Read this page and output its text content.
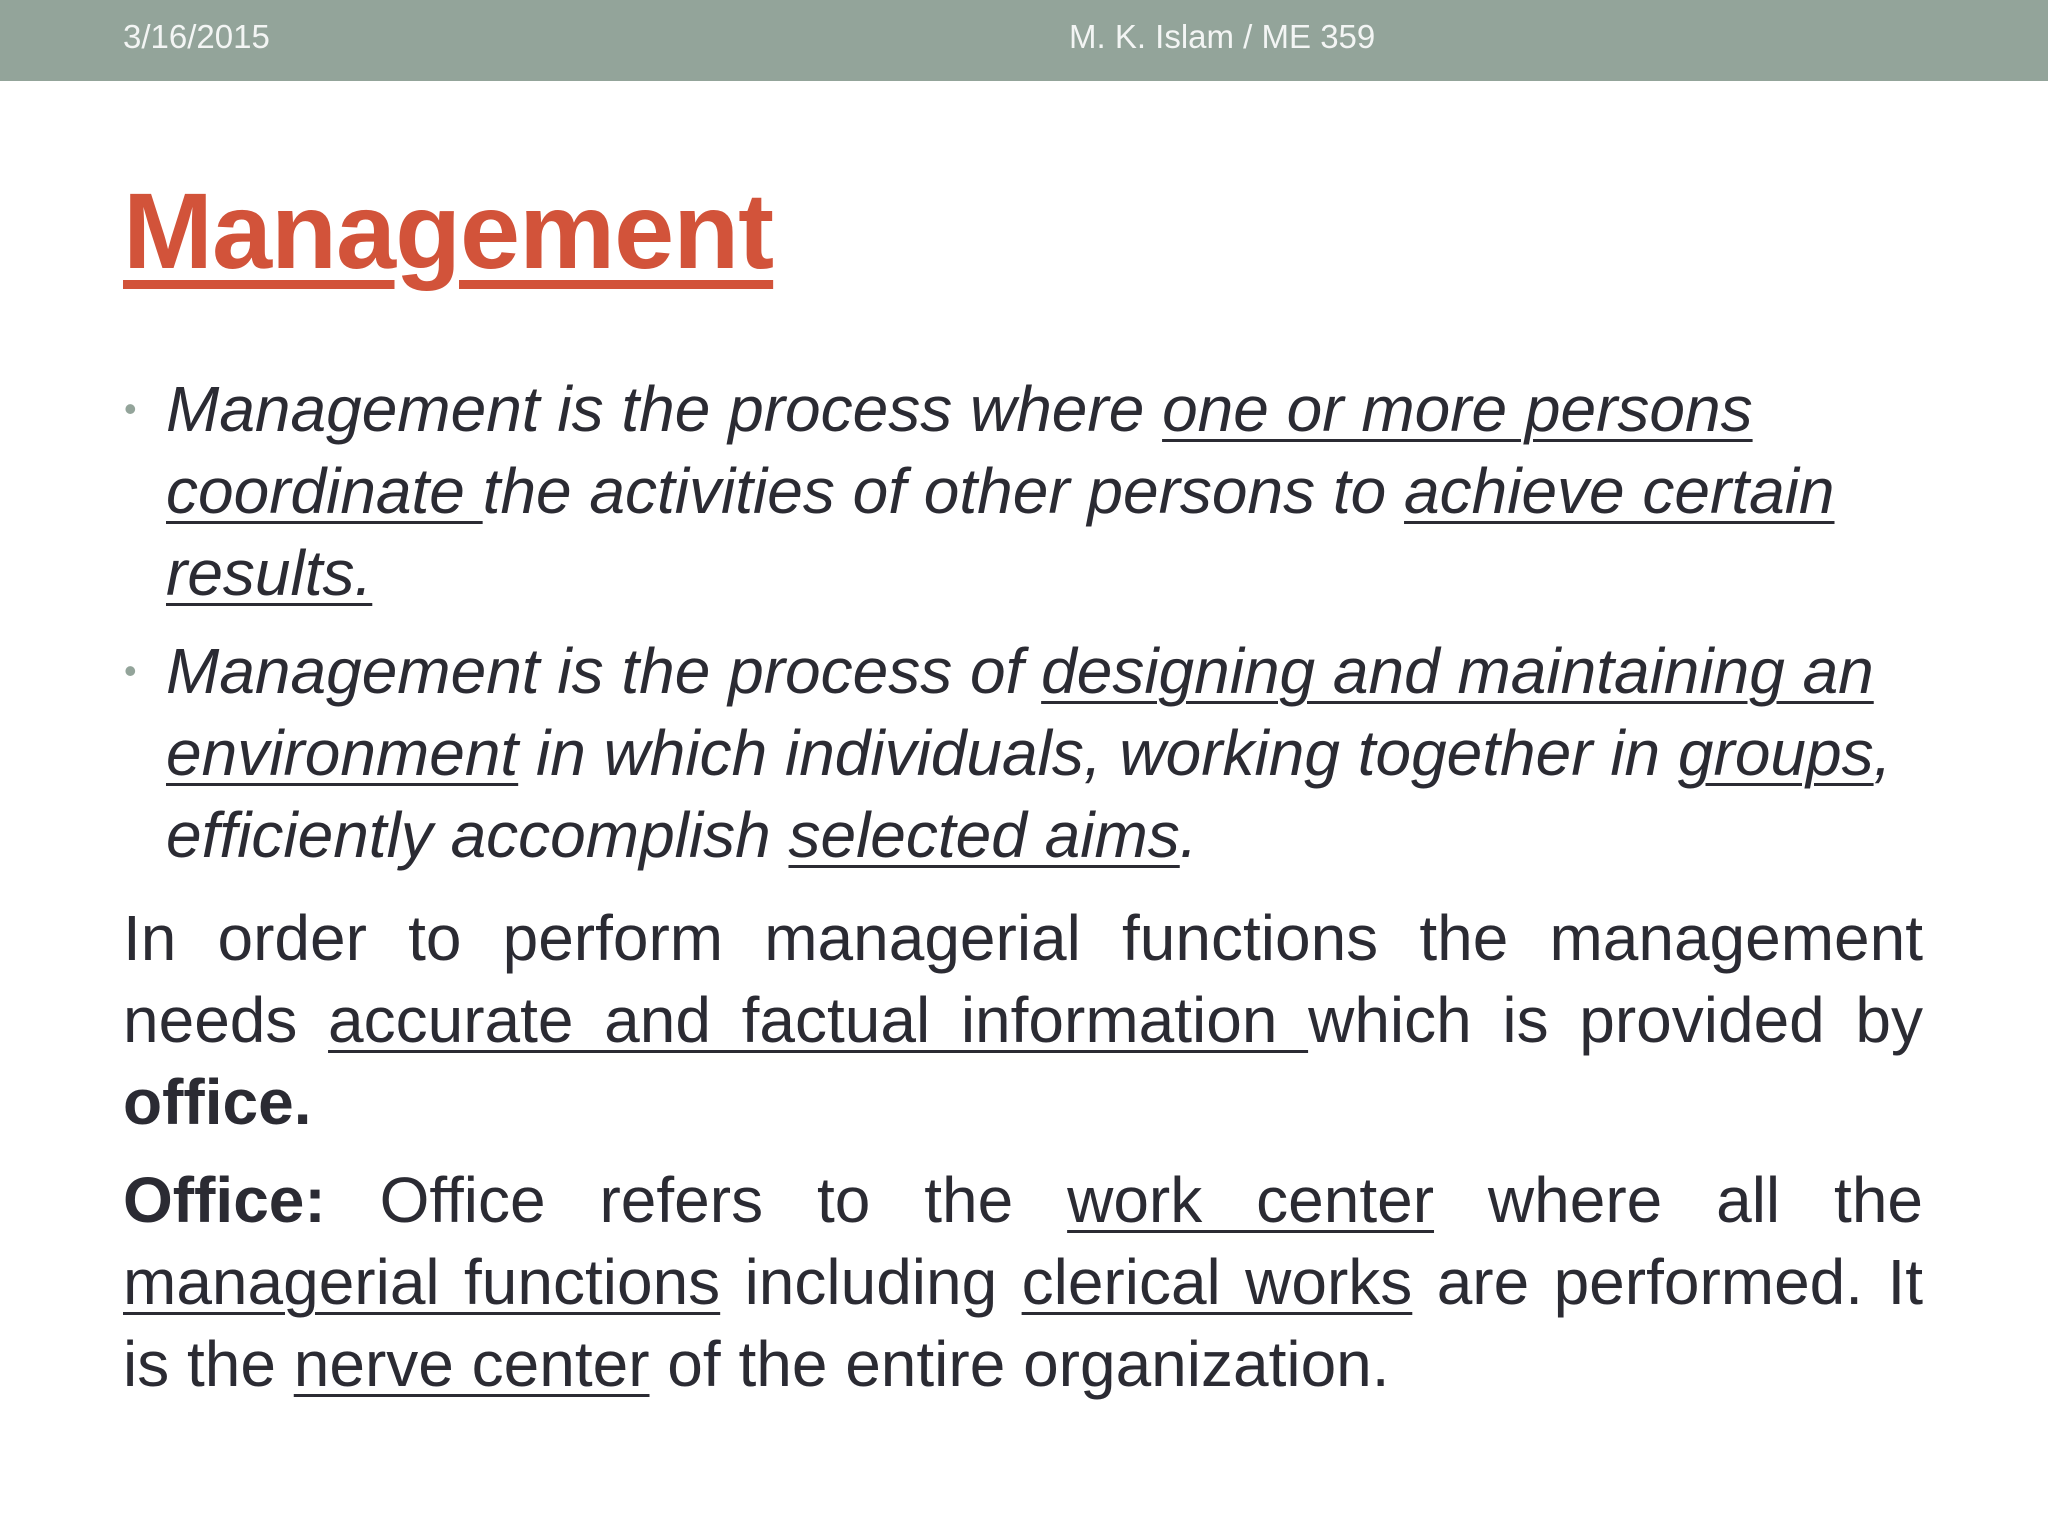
3/16/2015	M. K. Islam / ME 359
Management
• Management is the process where one or more persons coordinate the activities of other persons to achieve certain results.
• Management is the process of designing and maintaining an environment in which individuals, working together in groups, efficiently accomplish selected aims.

In order to perform managerial functions the management needs accurate and factual information which is provided by office.

Office: Office refers to the work center where all the managerial functions including clerical works are performed. It is the nerve center of the entire organization.
